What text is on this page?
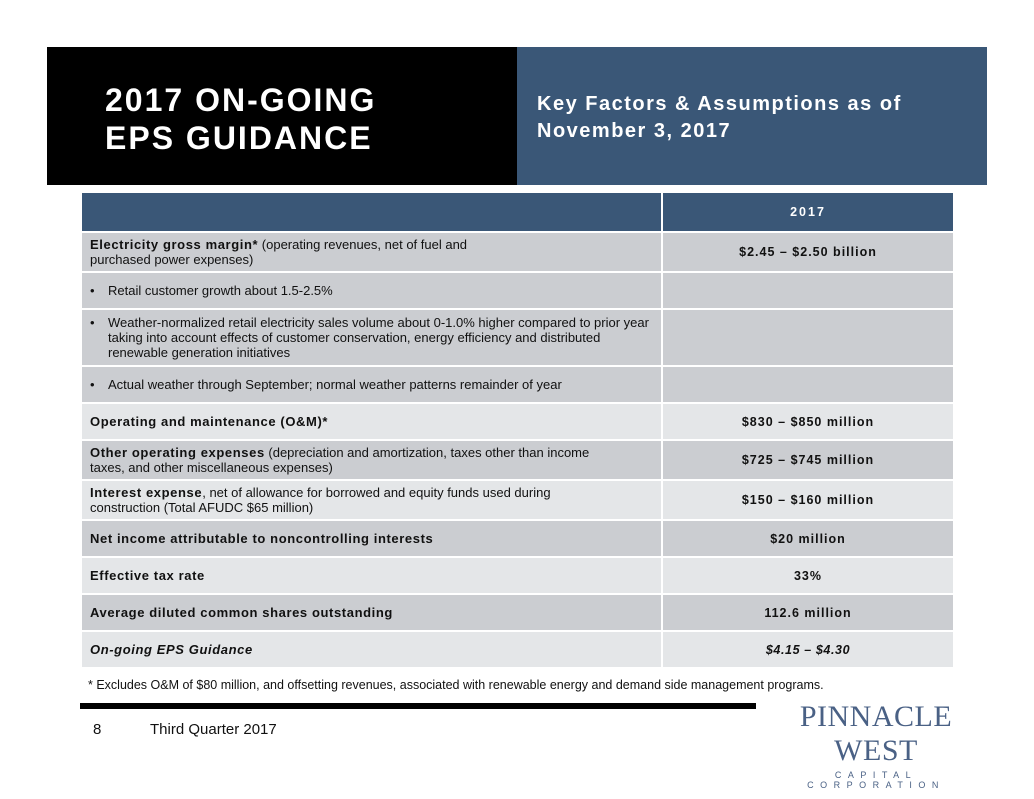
2017 ON-GOING
EPS GUIDANCE
Key Factors & Assumptions as of
November 3, 2017
	2017
Electricity gross margin* (operating revenues, net of fuel and purchased power expenses)	$2.45 – $2.50 billion

• Retail customer growth about 1.5-2.5%	

• Weather-normalized retail electricity sales volume about 0-1.0% higher compared to prior year taking into account effects of customer conservation, energy efficiency and distributed renewable generation initiatives	

• Actual weather through September; normal weather patterns remainder of year	

Operating and maintenance (O&M)*	$830 – $850 million
Other operating expenses (depreciation and amortization, taxes other than income taxes, and other miscellaneous expenses)	$725 – $745 million
Interest expense, net of allowance for borrowed and equity funds used during construction (Total AFUDC $65 million)	$150 – $160 million
Net income attributable to noncontrolling interests	$20 million
Effective tax rate	33%
Average diluted common shares outstanding	112.6 million
On-going EPS Guidance	$4.15 – $4.30
* Excludes O&M of $80 million, and offsetting revenues, associated with renewable energy and demand side management programs.
8	Third Quarter 2017	PINNACLE WEST
CAPITAL CORPORATION
